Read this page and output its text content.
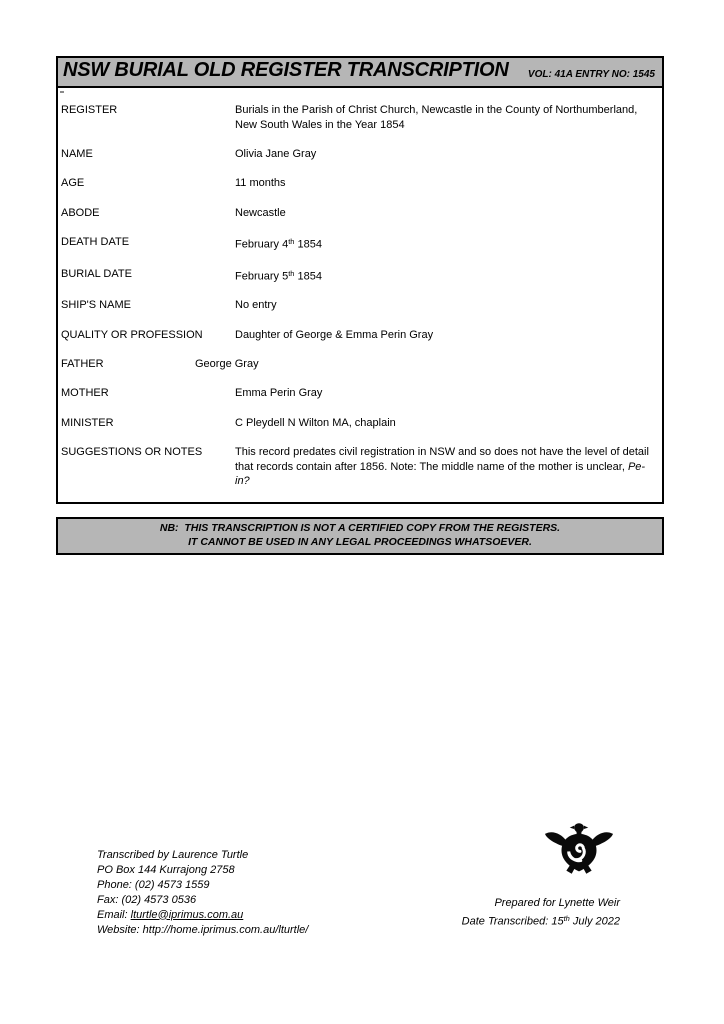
NSW BURIAL OLD REGISTER TRANSCRIPTION VOL: 41A ENTRY NO: 1545
REGISTER	Burials in the Parish of Christ Church, Newcastle in the County of Northumberland, New South Wales in the Year 1854
NAME	Olivia Jane Gray
AGE	11 months
ABODE	Newcastle
DEATH DATE	February 4th 1854
BURIAL DATE	February 5th 1854
SHIP'S NAME	No entry
QUALITY OR PROFESSION	Daughter of George & Emma Perin Gray
FATHER	George Gray
MOTHER	Emma Perin Gray
MINISTER	C Pleydell N Wilton MA, chaplain
SUGGESTIONS OR NOTES	This record predates civil registration in NSW and so does not have the level of detail that records contain after 1856. Note: The middle name of the mother is unclear, Pe-in?
NB:  THIS TRANSCRIPTION IS NOT A CERTIFIED COPY FROM THE REGISTERS.
IT CANNOT BE USED IN ANY LEGAL PROCEEDINGS WHATSOEVER.
Transcribed by Laurence Turtle
PO Box 144 Kurrajong 2758
Phone: (02) 4573 1559
Fax: (02) 4573 0536
Email: lturtle@iprimus.com.au
Website: http://home.iprimus.com.au/lturtle/
Prepared for Lynette Weir
Date Transcribed: 15th July 2022
